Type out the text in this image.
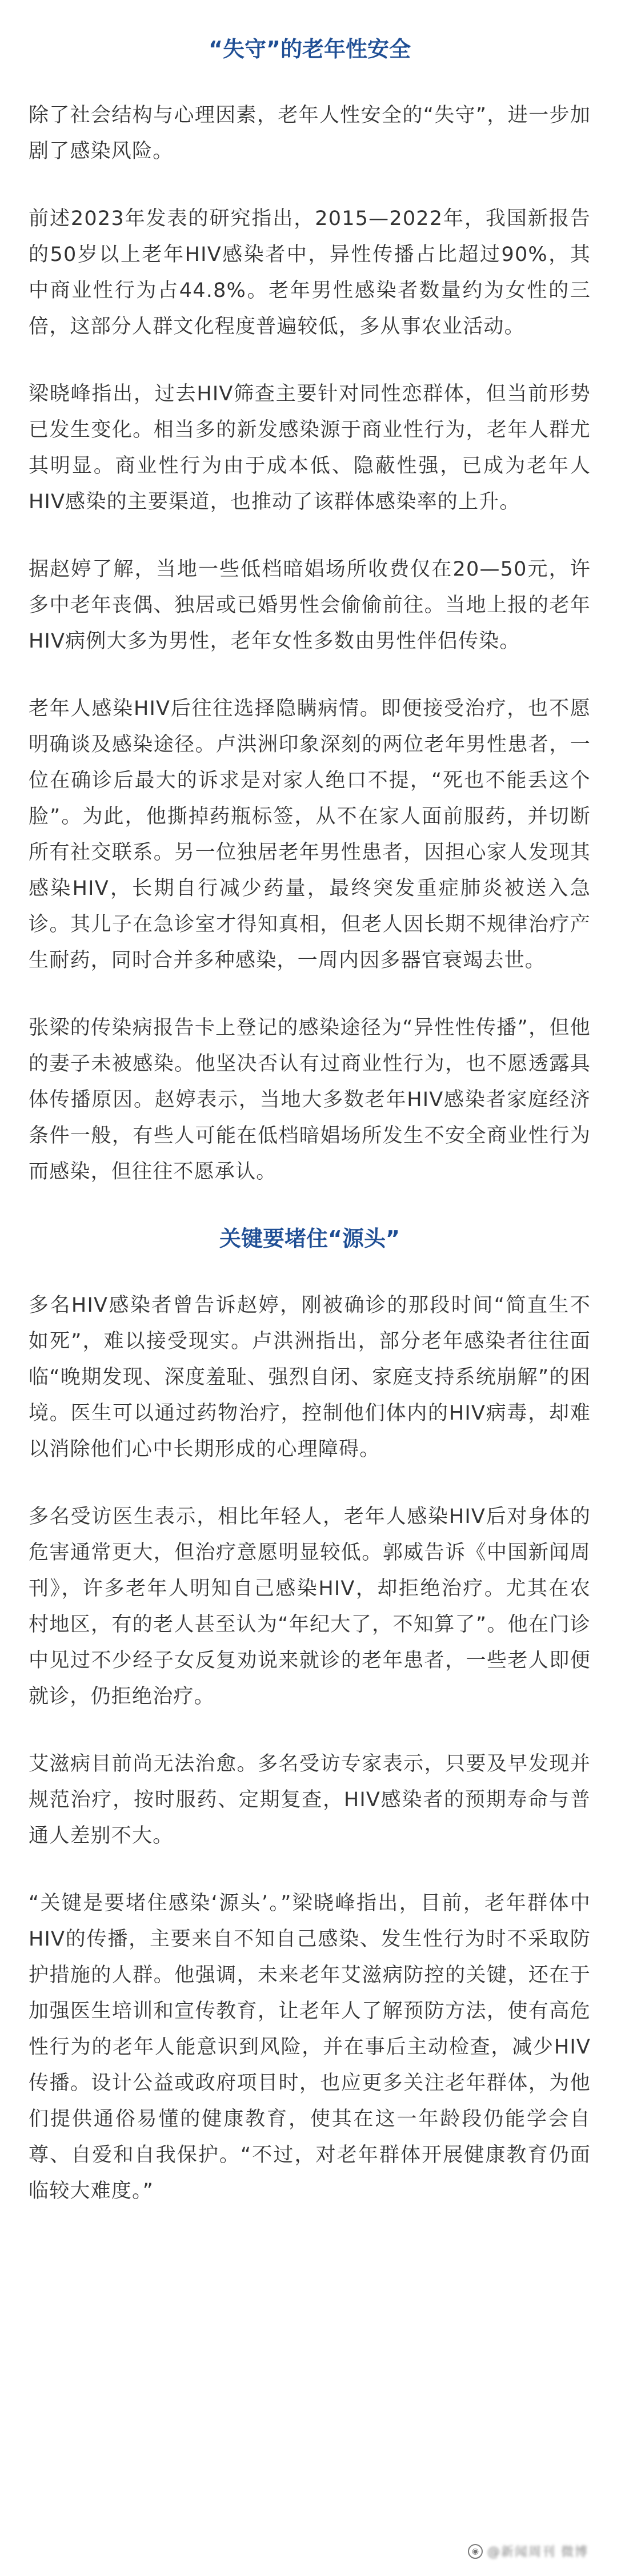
“失守”的老年性安全

除了社会结构与心理因素，老年人性安全的“失守”，进一步加剧了感染风险。

前述2023年发表的研究指出，2015—2022年，我国新报告的50岁以上老年HIV感染者中，异性传播占比超过90%，其中商业性行为占44.8%。老年男性感染者数量约为女性的三倍，这部分人群文化程度普遍较低，多从事农业活动。

梁晓峰指出，过去HIV筛查主要针对同性恋群体，但当前形势已发生变化。相当多的新发感染源于商业性行为，老年人群尤其明显。商业性行为由于成本低、隐蔽性强，已成为老年人HIV感染的主要渠道，也推动了该群体感染率的上升。

据赵婷了解，当地一些低档暗娼场所收费仅在20—50元，许多中老年丧偶、独居或已婚男性会偷偷前往。当地上报的老年HIV病例大多为男性，老年女性多数由男性伴侣传染。

老年人感染HIV后往往选择隐瞒病情。即便接受治疗，也不愿明确谈及感染途径。卢洪洲印象深刻的两位老年男性患者，一位在确诊后最大的诉求是对家人绝口不提，“死也不能丢这个脸”。为此，他撕掉药瓶标签，从不在家人面前服药，并切断所有社交联系。另一位独居老年男性患者，因担心家人发现其感染HIV，长期自行减少药量，最终突发重症肺炎被送入急诊。其儿子在急诊室才得知真相，但老人因长期不规律治疗产生耐药，同时合并多种感染，一周内因多器官衰竭去世。

张梁的传染病报告卡上登记的感染途径为“异性性传播”，但他的妻子未被感染。他坚决否认有过商业性行为，也不愿透露具体传播原因。赵婷表示，当地大多数老年HIV感染者家庭经济条件一般，有些人可能在低档暗娼场所发生不安全商业性行为而感染，但往往不愿承认。

关键要堵住“源头”

多名HIV感染者曾告诉赵婷，刚被确诊的那段时间“简直生不如死”，难以接受现实。卢洪洲指出，部分老年感染者往往面临“晚期发现、深度羞耻、强烈自闭、家庭支持系统崩解”的困境。医生可以通过药物治疗，控制他们体内的HIV病毒，却难以消除他们心中长期形成的心理障碍。

多名受访医生表示，相比年轻人，老年人感染HIV后对身体的危害通常更大，但治疗意愿明显较低。郭威告诉《中国新闻周刊》，许多老年人明知自己感染HIV，却拒绝治疗。尤其在农村地区，有的老人甚至认为“年纪大了，不知算了”。他在门诊中见过不少经子女反复劝说来就诊的老年患者，一些老人即便就诊，仍拒绝治疗。

艾滋病目前尚无法治愈。多名受访专家表示，只要及早发现并规范治疗，按时服药、定期复查，HIV感染者的预期寿命与普通人差别不大。

“关键是要堵住感染‘源头’。”梁晓峰指出，目前，老年群体中HIV的传播，主要来自不知自己感染、发生性行为时不采取防护措施的人群。他强调，未来老年艾滋病防控的关键，还在于加强医生培训和宣传教育，让老年人了解预防方法，使有高危性行为的老年人能意识到风险，并在事后主动检查，减少HIV传播。设计公益或政府项目时，也应更多关注老年群体，为他们提供通俗易懂的健康教育，使其在这一年龄段仍能学会自尊、自爱和自我保护。“不过，对老年群体开展健康教育仍面临较大难度。”

◉ @新闻周刊 微博
